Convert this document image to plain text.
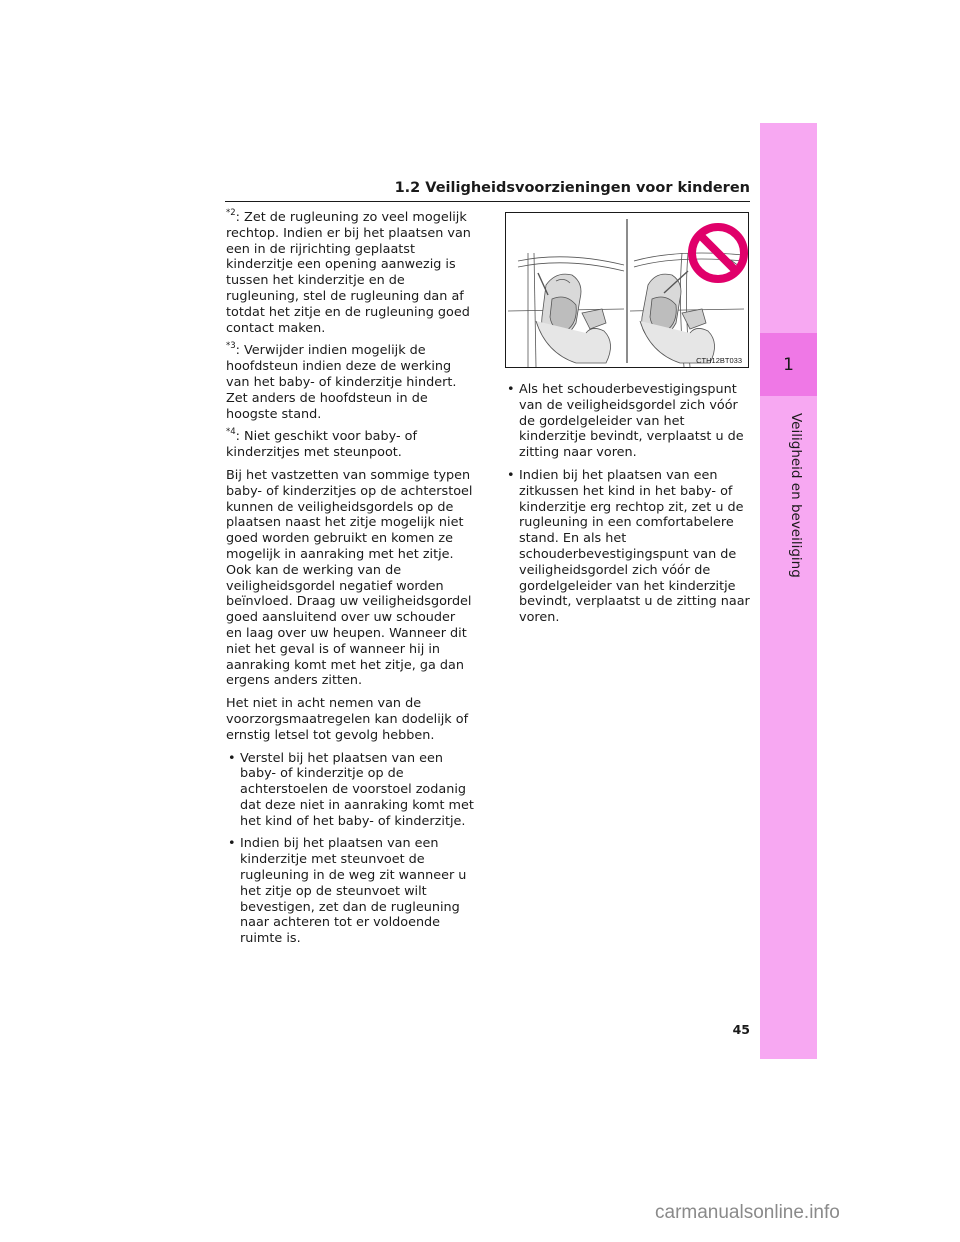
1
Veiligheid en beveiliging
1.2 Veiligheidsvoorzieningen voor kinderen

$^{*2}$: Zet de rugleuning zo veel mogelijk rechtop. Indien er bij het plaatsen van een in de rijrichting geplaatst kinderzitje een opening aanwezig is tussen het kinderzitje en de rugleuning, stel de rugleuning dan af totdat het zitje en de rugleuning goed contact maken.

$^{*3}$: Verwijder indien mogelijk de hoofdsteun indien deze de werking van het baby- of kinderzitje hindert. Zet anders de hoofdsteun in de hoogste stand.

$^{*4}$: Niet geschikt voor baby- of kinderzitjes met steunpoot.

Bij het vastzetten van sommige typen baby- of kinderzitjes op de achterstoel kunnen de veiligheidsgordels op de plaatsen naast het zitje mogelijk niet goed worden gebruikt en komen ze mogelijk in aanraking met het zitje. Ook kan de werking van de veiligheidsgordel negatief worden beïnvloed. Draag uw veiligheidsgordel goed aansluitend over uw schouder en laag over uw heupen. Wanneer dit niet het geval is of wanneer hij in aanraking komt met het zitje, ga dan ergens anders zitten.

Het niet in acht nemen van de voorzorgsmaatregelen kan dodelijk of ernstig letsel tot gevolg hebben.

• Verstel bij het plaatsen van een baby- of kinderzitje op de achterstoelen de voorstoel zodanig dat deze niet in aanraking komt met het kind of het baby- of kinderzitje.
• Indien bij het plaatsen van een kinderzitje met steunvoet de rugleuning in de weg zit wanneer u het zitje op de steunvoet wilt bevestigen, zet dan de rugleuning naar achteren tot er voldoende ruimte is.
CTH12BT033
• Als het schouderbevestigingspunt van de veiligheidsgordel zich vóór de gordelgeleider van het kinderzitje bevindt, verplaatst u de zitting naar voren.
• Indien bij het plaatsen van een zitkussen het kind in het baby- of kinderzitje erg rechtop zit, zet u de rugleuning in een comfortabelere stand. En als het schouderbevestigingspunt van de veiligheidsgordel zich vóór de gordelgeleider van het kinderzitje bevindt, verplaatst u de zitting naar voren.
45
carmanualsonline.info
